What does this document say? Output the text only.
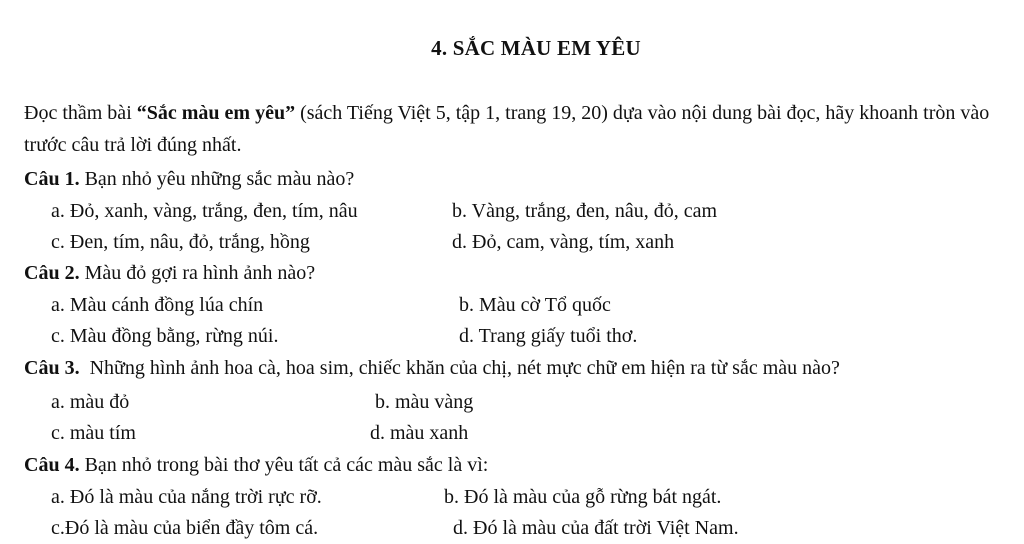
4. SẮC MÀU EM YÊU
Đọc thầm bài “Sắc màu em yêu” (sách Tiếng Việt 5, tập 1, trang 19, 20) dựa vào nội dung bài đọc, hãy khoanh tròn vào trước câu trả lời đúng nhất.
Câu 1. Bạn nhỏ yêu những sắc màu nào?
a. Đỏ, xanh, vàng, trắng, đen, tím, nâu	b. Vàng, trắng, đen, nâu, đỏ, cam
c. Đen, tím, nâu, đỏ, trắng, hồng	d. Đỏ, cam, vàng, tím, xanh
Câu 2. Màu đỏ gợi ra hình ảnh nào?
a. Màu cánh đồng lúa chín	b. Màu cờ Tổ quốc
c. Màu đồng bằng, rừng núi.	d. Trang giấy tuổi thơ.
Câu 3.  Những hình ảnh hoa cà, hoa sim, chiếc khăn của chị, nét mực chữ em hiện ra từ sắc màu nào?
a. màu đỏ	b. màu vàng
c. màu tím	d. màu xanh
Câu 4. Bạn nhỏ trong bài thơ yêu tất cả các màu sắc là vì:
a. Đó là màu của nắng trời rực rỡ.	b. Đó là màu của gỗ rừng bát ngát.
c.Đó là màu của biển đầy tôm cá.	d. Đó là màu của đất trời Việt Nam.
